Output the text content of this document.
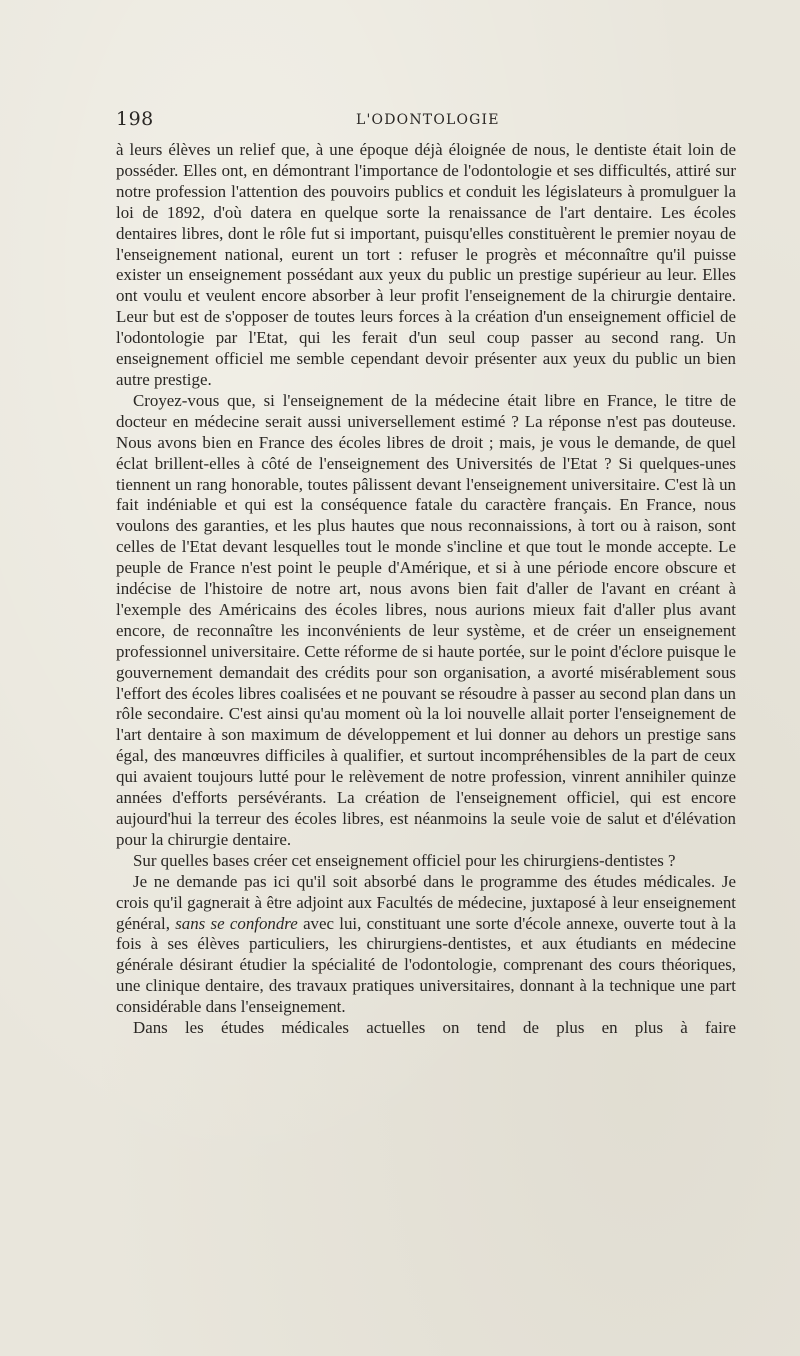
198	L'ODONTOLOGIE

à leurs élèves un relief que, à une époque déjà éloignée de nous, le dentiste était loin de posséder. Elles ont, en démontrant l'importance de l'odontologie et ses difficultés, attiré sur notre profession l'attention des pouvoirs publics et conduit les législateurs à promulguer la loi de 1892, d'où datera en quelque sorte la renaissance de l'art dentaire. Les écoles dentaires libres, dont le rôle fut si important, puisqu'elles constituèrent le premier noyau de l'enseignement national, eurent un tort : refuser le progrès et méconnaître qu'il puisse exister un enseignement possédant aux yeux du public un prestige supérieur au leur. Elles ont voulu et veulent encore absorber à leur profit l'enseignement de la chirurgie dentaire. Leur but est de s'opposer de toutes leurs forces à la création d'un enseignement officiel de l'odontologie par l'Etat, qui les ferait d'un seul coup passer au second rang. Un enseignement officiel me semble cependant devoir présenter aux yeux du public un bien autre prestige.

Croyez-vous que, si l'enseignement de la médecine était libre en France, le titre de docteur en médecine serait aussi universellement estimé ? La réponse n'est pas douteuse. Nous avons bien en France des écoles libres de droit ; mais, je vous le demande, de quel éclat brillent-elles à côté de l'enseignement des Universités de l'Etat ? Si quelques-unes tiennent un rang honorable, toutes pâlissent devant l'enseignement universitaire. C'est là un fait indéniable et qui est la conséquence fatale du caractère français. En France, nous voulons des garanties, et les plus hautes que nous reconnaissions, à tort ou à raison, sont celles de l'Etat devant lesquelles tout le monde s'incline et que tout le monde accepte. Le peuple de France n'est point le peuple d'Amérique, et si à une période encore obscure et indécise de l'histoire de notre art, nous avons bien fait d'aller de l'avant en créant à l'exemple des Américains des écoles libres, nous aurions mieux fait d'aller plus avant encore, de reconnaître les inconvénients de leur système, et de créer un enseignement professionnel universitaire. Cette réforme de si haute portée, sur le point d'éclore puisque le gouvernement demandait des crédits pour son organisation, a avorté misérablement sous l'effort des écoles libres coalisées et ne pouvant se résoudre à passer au second plan dans un rôle secondaire. C'est ainsi qu'au moment où la loi nouvelle allait porter l'enseignement de l'art dentaire à son maximum de développement et lui donner au dehors un prestige sans égal, des manœuvres difficiles à qualifier, et surtout incompréhensibles de la part de ceux qui avaient toujours lutté pour le relèvement de notre profession, vinrent annihiler quinze années d'efforts persévérants. La création de l'enseignement officiel, qui est encore aujourd'hui la terreur des écoles libres, est néanmoins la seule voie de salut et d'élévation pour la chirurgie dentaire.

Sur quelles bases créer cet enseignement officiel pour les chirurgiens-dentistes ?

Je ne demande pas ici qu'il soit absorbé dans le programme des études médicales. Je crois qu'il gagnerait à être adjoint aux Facultés de médecine, juxtaposé à leur enseignement général, sans se confondre avec lui, constituant une sorte d'école annexe, ouverte tout à la fois à ses élèves particuliers, les chirurgiens-dentistes, et aux étudiants en médecine générale désirant étudier la spécialité de l'odontologie, comprenant des cours théoriques, une clinique dentaire, des travaux pratiques universitaires, donnant à la technique une part considérable dans l'enseignement.

Dans les études médicales actuelles on tend de plus en plus à faire
